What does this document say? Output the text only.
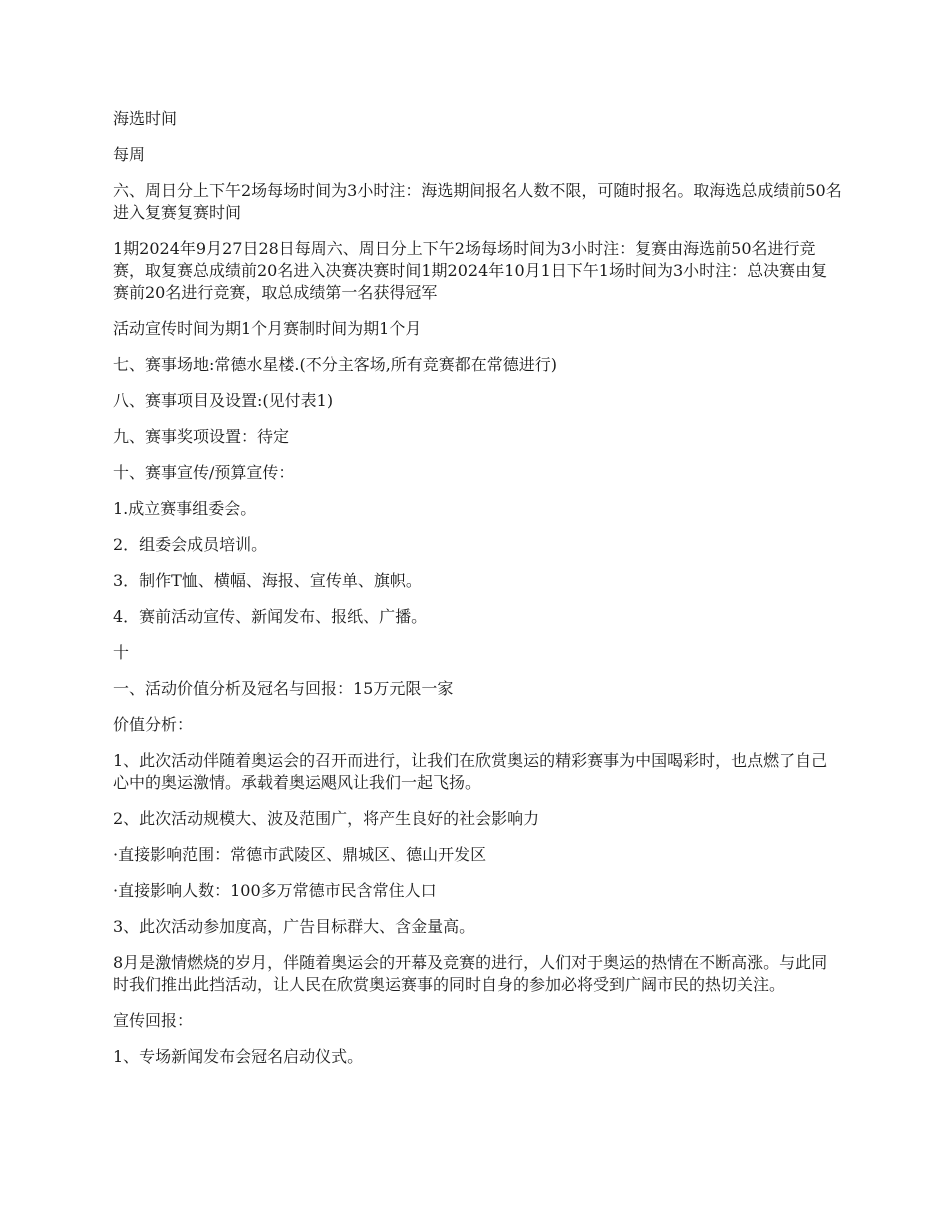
海选时间

每周

六、周日分上下午2场每场时间为3小时注：海选期间报名人数不限，可随时报名。取海选总成绩前50名进入复赛复赛时间

1期2024年9月27日28日每周六、周日分上下午2场每场时间为3小时注：复赛由海选前50名进行竞赛，取复赛总成绩前20名进入决赛决赛时间1期2024年10月1日下午1场时间为3小时注：总决赛由复赛前20名进行竞赛，取总成绩第一名获得冠军

活动宣传时间为期1个月赛制时间为期1个月

七、赛事场地:常德水星楼.(不分主客场,所有竞赛都在常德进行)

八、赛事项目及设置:(见付表1)

九、赛事奖项设置：待定

十、赛事宣传/预算宣传：

1.成立赛事组委会。

2．组委会成员培训。

3．制作T恤、横幅、海报、宣传单、旗帜。

4．赛前活动宣传、新闻发布、报纸、广播。

十

一、活动价值分析及冠名与回报：15万元限一家

价值分析：

1、此次活动伴随着奥运会的召开而进行，让我们在欣赏奥运的精彩赛事为中国喝彩时，也点燃了自己心中的奥运激情。承载着奥运飓风让我们一起飞扬。

2、此次活动规模大、波及范围广，将产生良好的社会影响力

·直接影响范围：常德市武陵区、鼎城区、德山开发区

·直接影响人数：100多万常德市民含常住人口

3、此次活动参加度高，广告目标群大、含金量高。

8月是激情燃烧的岁月，伴随着奥运会的开幕及竞赛的进行，人们对于奥运的热情在不断高涨。与此同时我们推出此挡活动，让人民在欣赏奥运赛事的同时自身的参加必将受到广阔市民的热切关注。

宣传回报：

1、专场新闻发布会冠名启动仪式。
